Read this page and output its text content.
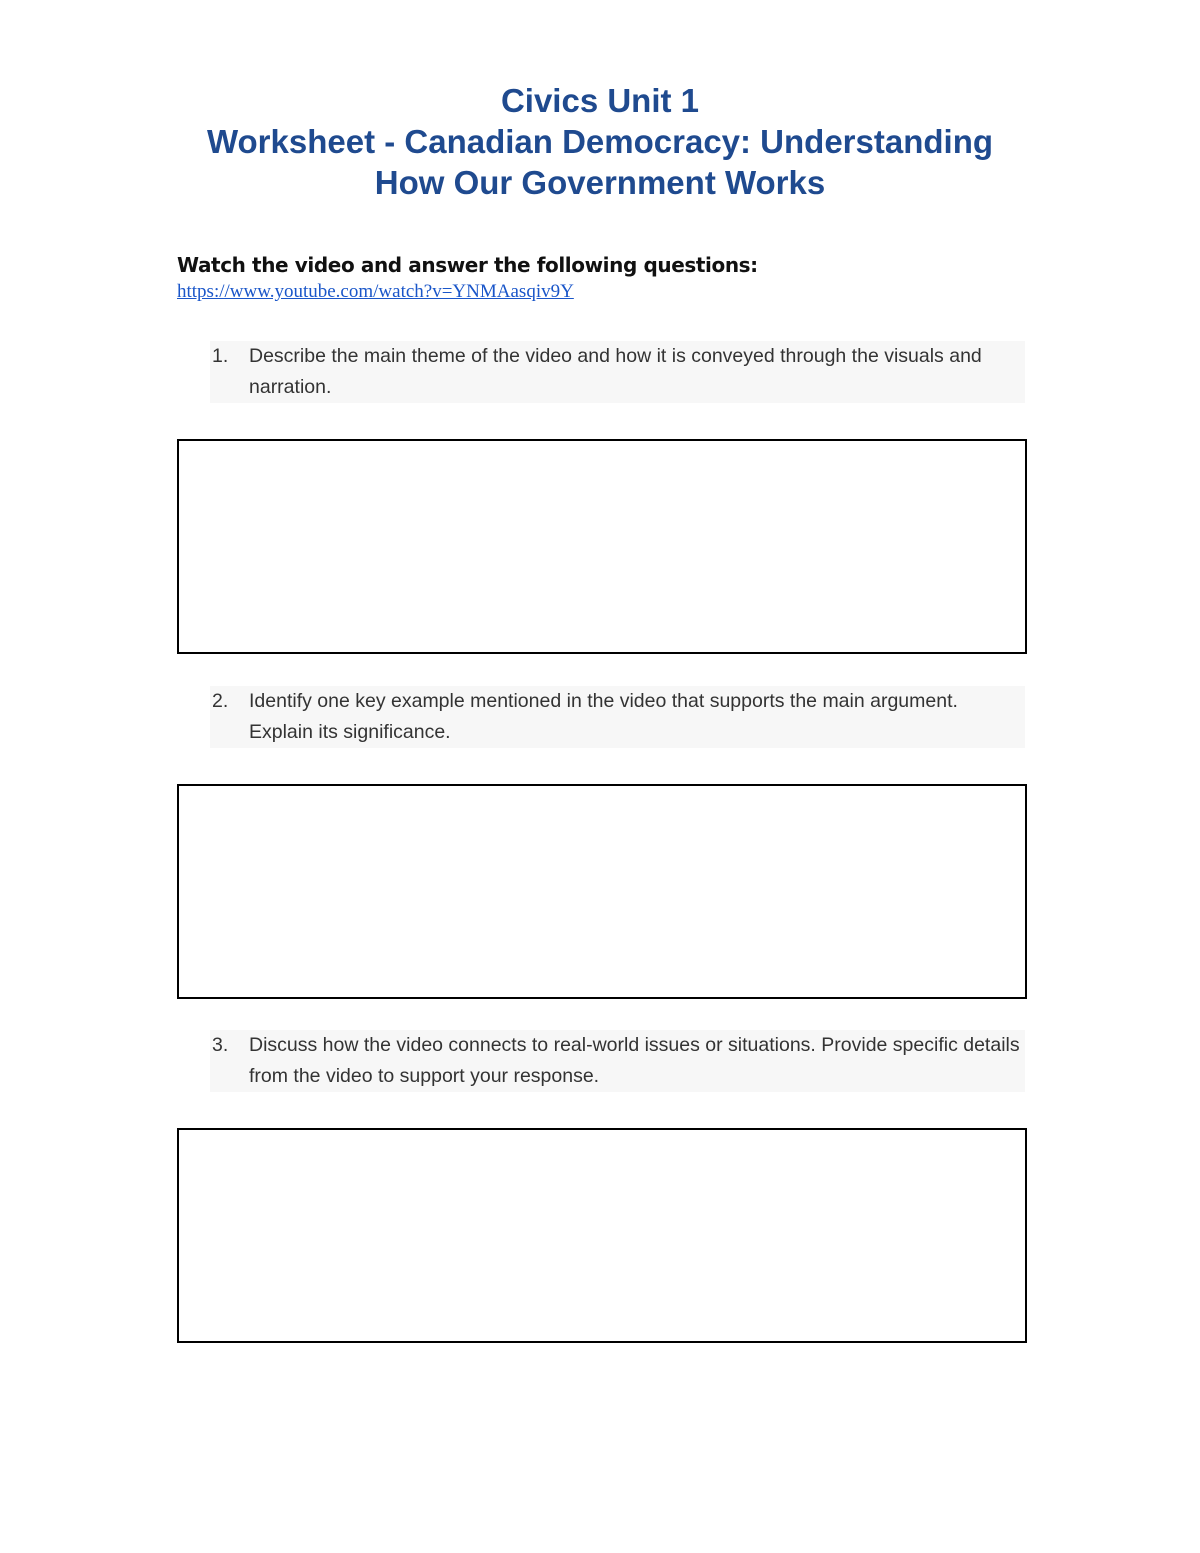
Civics Unit 1
Worksheet - Canadian Democracy: Understanding
How Our Government Works
Watch the video and answer the following questions:
https://www.youtube.com/watch?v=YNMAasqiv9Y
1.	Describe the main theme of the video and how it is conveyed through the visuals and narration.
2.	Identify one key example mentioned in the video that supports the main argument. Explain its significance.
3.	Discuss how the video connects to real-world issues or situations. Provide specific details from the video to support your response.
